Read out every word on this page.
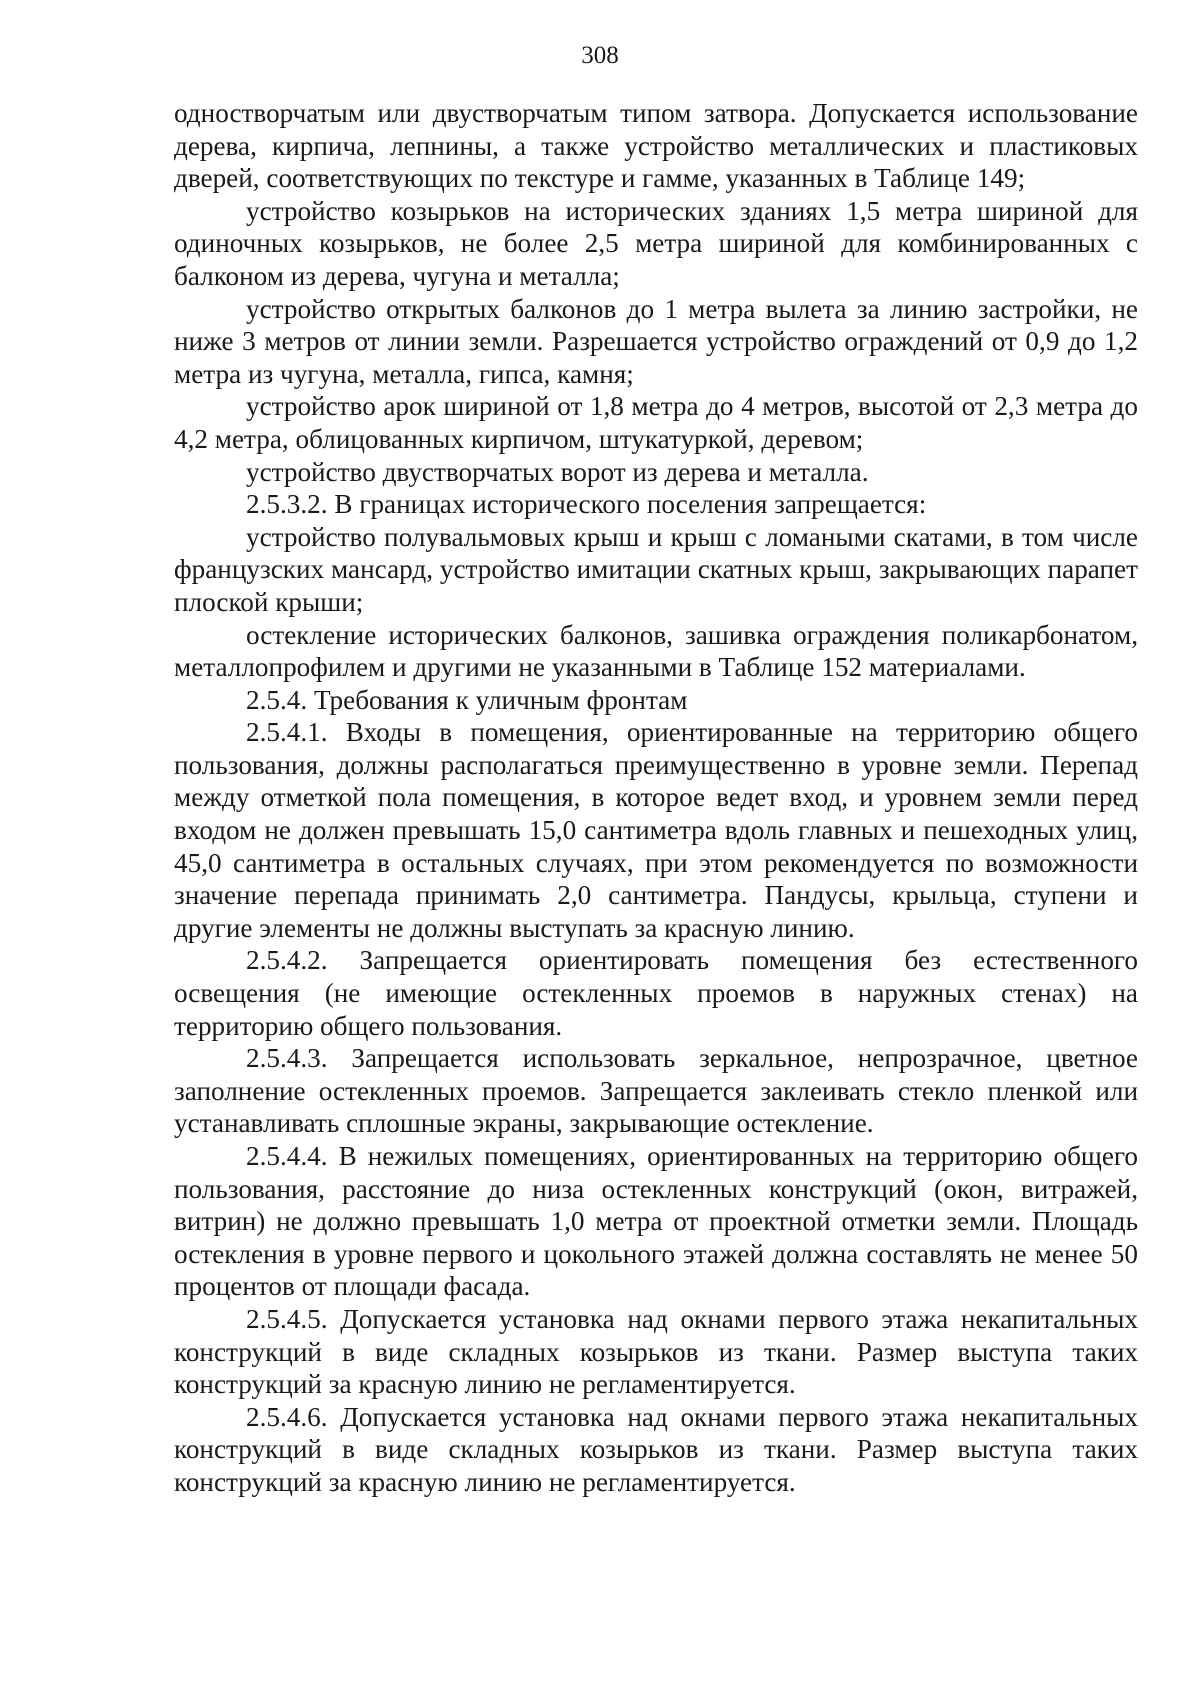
308

одностворчатым или двустворчатым типом затвора. Допускается использование дерева, кирпича, лепнины, а также устройство металлических и пластиковых дверей, соответствующих по текстуре и гамме, указанных в Таблице 149;

устройство козырьков на исторических зданиях 1,5 метра шириной для одиночных козырьков, не более 2,5 метра шириной для комбинированных с балконом из дерева, чугуна и металла;

устройство открытых балконов до 1 метра вылета за линию застройки, не ниже 3 метров от линии земли. Разрешается устройство ограждений от 0,9 до 1,2 метра из чугуна, металла, гипса, камня;

устройство арок шириной от 1,8 метра до 4 метров, высотой от 2,3 метра до 4,2 метра, облицованных кирпичом, штукатуркой, деревом;

устройство двустворчатых ворот из дерева и металла.

2.5.3.2. В границах исторического поселения запрещается:

устройство полувальмовых крыш и крыш с ломаными скатами, в том числе французских мансард, устройство имитации скатных крыш, закрывающих парапет плоской крыши;

остекление исторических балконов, зашивка ограждения поликарбонатом, металлопрофилем и другими не указанными в Таблице 152 материалами.

2.5.4. Требования к уличным фронтам

2.5.4.1. Входы в помещения, ориентированные на территорию общего пользования, должны располагаться преимущественно в уровне земли. Перепад между отметкой пола помещения, в которое ведет вход, и уровнем земли перед входом не должен превышать 15,0 сантиметра вдоль главных и пешеходных улиц, 45,0 сантиметра в остальных случаях, при этом рекомендуется по возможности значение перепада принимать 2,0 сантиметра. Пандусы, крыльца, ступени и другие элементы не должны выступать за красную линию.

2.5.4.2. Запрещается ориентировать помещения без естественного освещения (не имеющие остекленных проемов в наружных стенах) на территорию общего пользования.

2.5.4.3. Запрещается использовать зеркальное, непрозрачное, цветное заполнение остекленных проемов. Запрещается заклеивать стекло пленкой или устанавливать сплошные экраны, закрывающие остекление.

2.5.4.4. В нежилых помещениях, ориентированных на территорию общего пользования, расстояние до низа остекленных конструкций (окон, витражей, витрин) не должно превышать 1,0 метра от проектной отметки земли. Площадь остекления в уровне первого и цокольного этажей должна составлять не менее 50 процентов от площади фасада.

2.5.4.5. Допускается установка над окнами первого этажа некапитальных конструкций в виде складных козырьков из ткани. Размер выступа таких конструкций за красную линию не регламентируется.

2.5.4.6. Допускается установка над окнами первого этажа некапитальных конструкций в виде складных козырьков из ткани. Размер выступа таких конструкций за красную линию не регламентируется.
